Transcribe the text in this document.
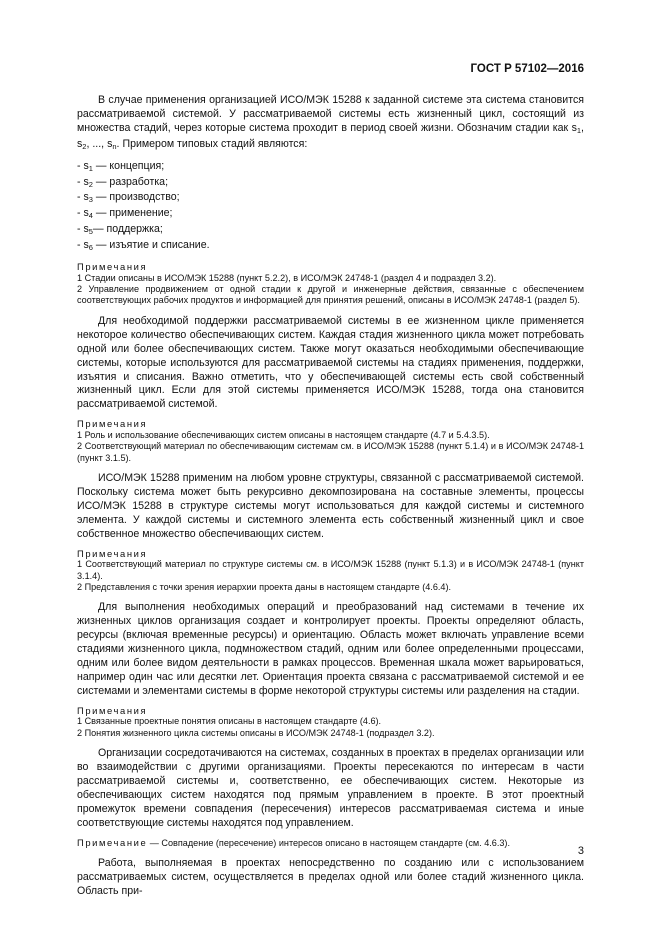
ГОСТ Р 57102—2016

В случае применения организацией ИСО/МЭК 15288 к заданной системе эта система становится рассматриваемой системой. У рассматриваемой системы есть жизненный цикл, состоящий из множества стадий, через которые система проходит в период своей жизни. Обозначим стадии как $s_1$, $s_2$, ..., $s_n$. Примером типовых стадий являются:

- $s_1$ — концепция;
- $s_2$ — разработка;
- $s_3$ — производство;
- $s_4$ — применение;
- $s_5—$ поддержка;
- $s_6$ — изъятие и списание.

Примечания

1 Стадии описаны в ИСО/МЭК 15288 (пункт 5.2.2), в ИСО/МЭК 24748-1 (раздел 4 и подраздел 3.2).

2 Управление продвижением от одной стадии к другой и инженерные действия, связанные с обеспечением соответствующих рабочих продуктов и информацией для принятия решений, описаны в ИСО/МЭК 24748-1 (раздел 5).

Для необходимой поддержки рассматриваемой системы в ее жизненном цикле применяется некоторое количество обеспечивающих систем. Каждая стадия жизненного цикла может потребовать одной или более обеспечивающих систем. Также могут оказаться необходимыми обеспечивающие системы, которые используются для рассматриваемой системы на стадиях применения, поддержки, изъятия и списания. Важно отметить, что у обеспечивающей системы есть свой собственный жизненный цикл. Если для этой системы применяется ИСО/МЭК 15288, тогда она становится рассматриваемой системой.

Примечания

1 Роль и использование обеспечивающих систем описаны в настоящем стандарте (4.7 и 5.4.3.5).

2 Соответствующий материал по обеспечивающим системам см. в ИСО/МЭК 15288 (пункт 5.1.4) и в ИСО/МЭК 24748-1 (пункт 3.1.5).

ИСО/МЭК 15288 применим на любом уровне структуры, связанной с рассматриваемой системой. Поскольку система может быть рекурсивно декомпозирована на составные элементы, процессы ИСО/МЭК 15288 в структуре системы могут использоваться для каждой системы и системного элемента. У каждой системы и системного элемента есть собственный жизненный цикл и свое собственное множество обеспечивающих систем.

Примечания

1 Соответствующий материал по структуре системы см. в ИСО/МЭК 15288 (пункт 5.1.3) и в ИСО/МЭК 24748-1 (пункт 3.1.4).

2 Представления с точки зрения иерархии проекта даны в настоящем стандарте (4.6.4).

Для выполнения необходимых операций и преобразований над системами в течение их жизненных циклов организация создает и контролирует проекты. Проекты определяют область, ресурсы (включая временные ресурсы) и ориентацию. Область может включать управление всеми стадиями жизненного цикла, подмножеством стадий, одним или более определенными процессами, одним или более видом деятельности в рамках процессов. Временная шкала может варьироваться, например один час или десятки лет. Ориентация проекта связана с рассматриваемой системой и ее системами и элементами системы в форме некоторой структуры системы или разделения на стадии.

Примечания

1 Связанные проектные понятия описаны в настоящем стандарте (4.6).

2 Понятия жизненного цикла системы описаны в ИСО/МЭК 24748-1 (подраздел 3.2).

Организации сосредотачиваются на системах, созданных в проектах в пределах организации или во взаимодействии с другими организациями. Проекты пересекаются по интересам в части рассматриваемой системы и, соответственно, ее обеспечивающих систем. Некоторые из обеспечивающих систем находятся под прямым управлением в проекте. В этот проектный промежуток времени совпадения (пересечения) интересов рассматриваемая система и иные соответствующие системы находятся под управлением.

Примечание — Совпадение (пересечение) интересов описано в настоящем стандарте (см. 4.6.3).

Работа, выполняемая в проектах непосредственно по созданию или с использованием рассматриваемых систем, осуществляется в пределах одной или более стадий жизненного цикла. Область при-

3
